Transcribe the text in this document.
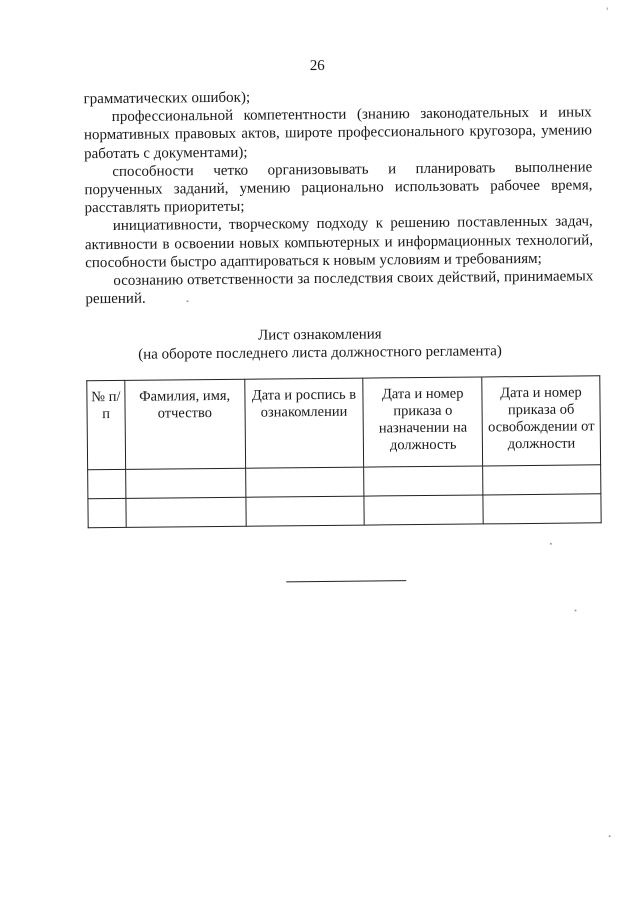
26

грамматических ошибок);

профессиональной компетентности (знанию законодательных и иных нормативных правовых актов, широте профессионального кругозора, умению работать с документами);

способности четко организовывать и планировать выполнение порученных заданий, умению рационально использовать рабочее время, расставлять приоритеты;

инициативности, творческому подходу к решению поставленных задач, активности в освоении новых компьютерных и информационных технологий, способности быстро адаптироваться к новым условиям и требованиям;

осознанию ответственности за последствия своих действий, принимаемых решений.

Лист ознакомления
(на обороте последнего листа должностного регламента)
№ п/п	Фамилия, имя, отчество	Дата и роспись в ознакомлении	Дата и номер приказа о назначении на должность	Дата и номер приказа об освобождении от должности
